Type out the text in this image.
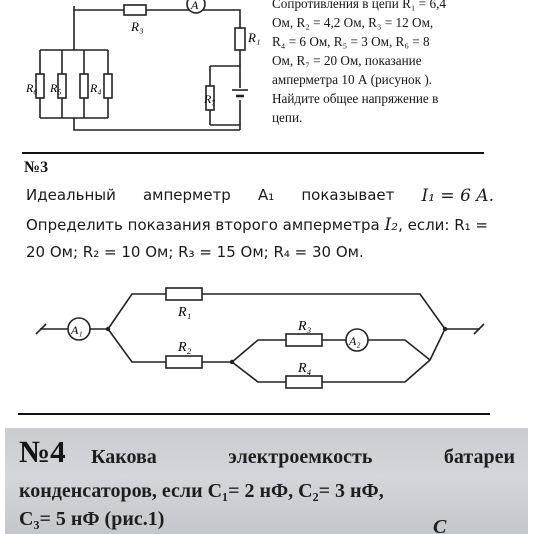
R₃
A
R₁
R₆ R₅ R₄
R₇
Сопротивления в цепи R₁ = 6,4
Ом, R₂ = 4,2 Ом, R₃ = 12 Ом,
R₄ = 6 Ом, R₅ = 3 Ом, R₆ = 8
Ом, R₇ = 20 Ом, показание
амперметра 10 А (рисунок ).
Найдите общее напряжение в
цепи.
№3
Идеальный амперметр A₁ показывает I₁ = 6 A.
Определить показания второго амперметра I₂, если: R₁ =
20 Ом; R₂ = 10 Ом; R₃ = 15 Ом; R₄ = 30 Ом.
A₁
A₂
R₁
R₂
R₃
R₄
№4 Какова	электроемкость	батареи
конденсаторов, если C₁= 2 нФ, C₂= 3 нФ,
C₃= 5 нФ (рис.1)	C
